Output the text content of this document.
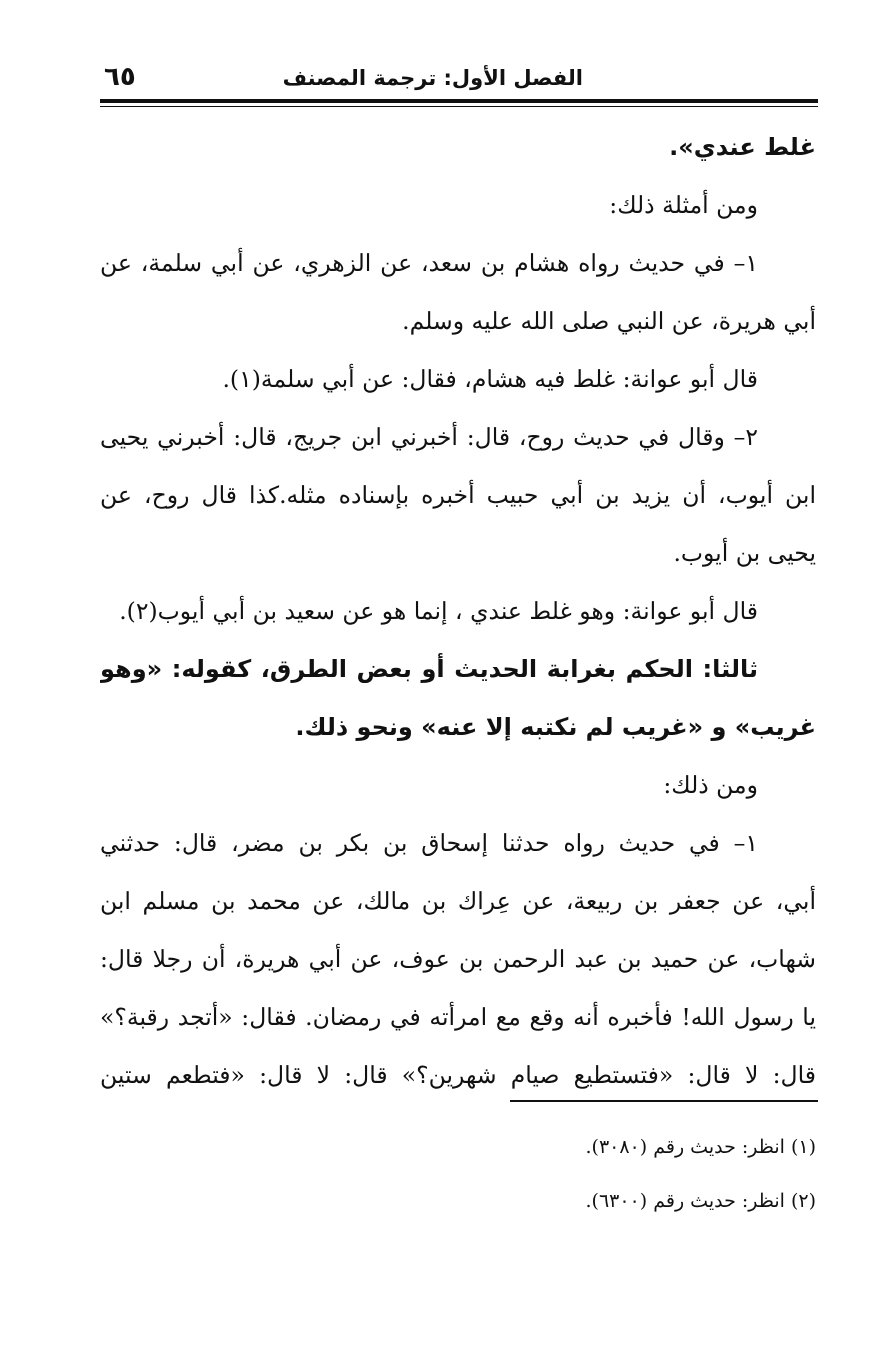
الفصل الأول: ترجمة المصنف
٦٥
غلط عندي».
ومن أمثلة ذلك:
١– في حديث رواه هشام بن سعد، عن الزهري، عن أبي سلمة، عن
أبي هريرة، عن النبي صلى الله عليه وسلم.
قال أبو عوانة: غلط فيه هشام، فقال: عن أبي سلمة(١).
٢– وقال في حديث روح، قال: أخبرني ابن جريج، قال: أخبرني يحيى
ابن أيوب، أن يزيد بن أبي حبيب أخبره بإسناده مثله.كذا قال روح، عن
يحيى بن أيوب.
قال أبو عوانة: وهو غلط عندي ، إنما هو عن سعيد بن أبي أيوب(٢).
ثالثا: الحكم بغرابة الحديث أو بعض الطرق، كقوله: «وهو
غريب» و «غريب لم نكتبه إلا عنه» ونحو ذلك.
ومن ذلك:
١– في حديث رواه حدثنا إسحاق بن بكر بن مضر، قال: حدثني
أبي، عن جعفر بن ربيعة، عن عِراك بن مالك، عن محمد بن مسلم ابن
شهاب، عن حميد بن عبد الرحمن بن عوف، عن أبي هريرة، أن رجلا قال:
يا رسول الله! فأخبره أنه وقع مع امرأته في رمضان. فقال: «أتجد رقبة؟»
قال: لا قال: «فتستطيع صيام شهرين؟» قال: لا قال: «فتطعم ستين
(١) انظر: حديث رقم (٣٠٨٠).
(٢) انظر: حديث رقم (٦٣٠٠).
